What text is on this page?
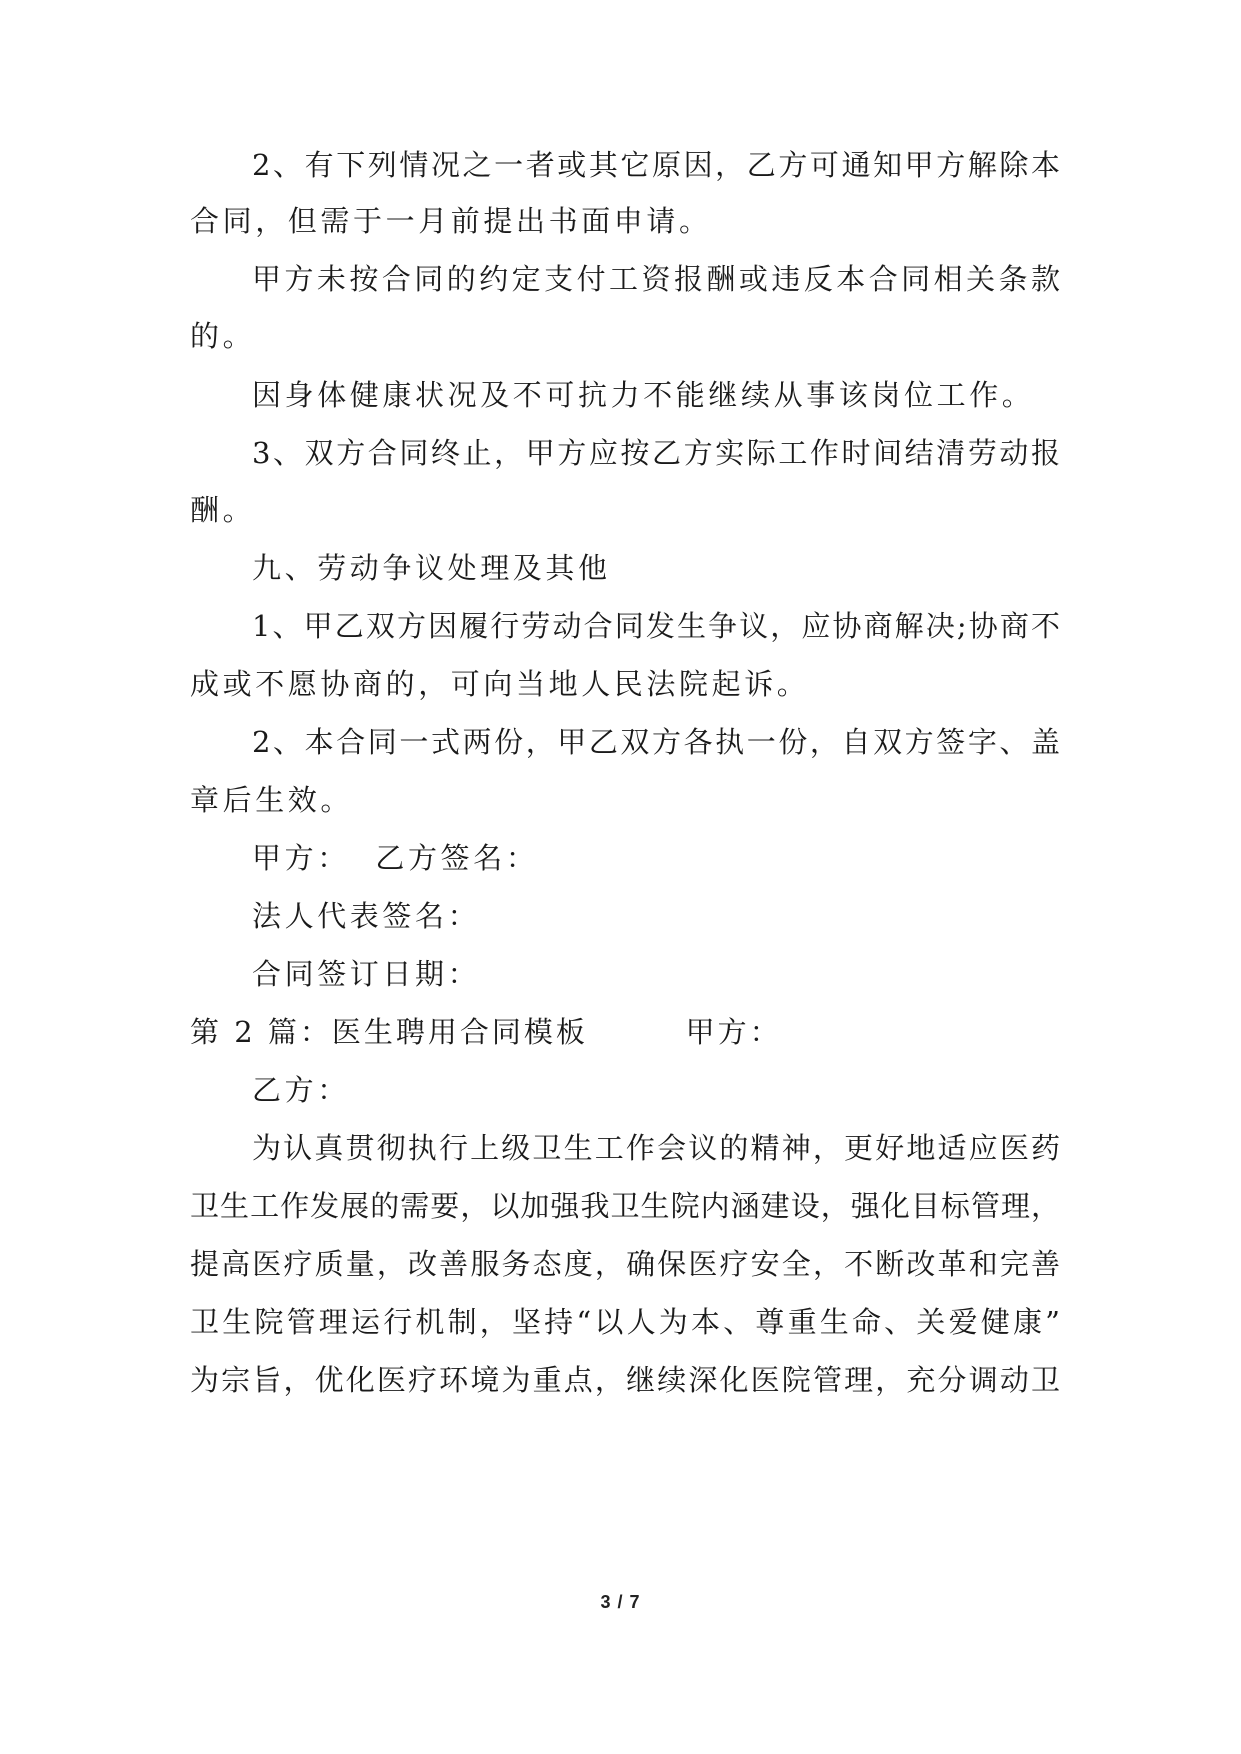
2、有下列情况之一者或其它原因，乙方可通知甲方解除本
合同，但需于一月前提出书面申请。
甲方未按合同的约定支付工资报酬或违反本合同相关条款
的。
因身体健康状况及不可抗力不能继续从事该岗位工作。
3、双方合同终止，甲方应按乙方实际工作时间结清劳动报
酬。
九、劳动争议处理及其他
1、甲乙双方因履行劳动合同发生争议，应协商解决;协商不
成或不愿协商的，可向当地人民法院起诉。
2、本合同一式两份，甲乙双方各执一份，自双方签字、盖
章后生效。
甲方：  乙方签名：
法人代表签名：
合同签订日期：
第 2 篇：医生聘用合同模板        甲方：
乙方：
为认真贯彻执行上级卫生工作会议的精神，更好地适应医药
卫生工作发展的需要，以加强我卫生院内涵建设，强化目标管理，
提高医疗质量，改善服务态度，确保医疗安全，不断改革和完善
卫生院管理运行机制，坚持“以人为本、尊重生命、关爱健康”
为宗旨，优化医疗环境为重点，继续深化医院管理，充分调动卫
3 / 7
